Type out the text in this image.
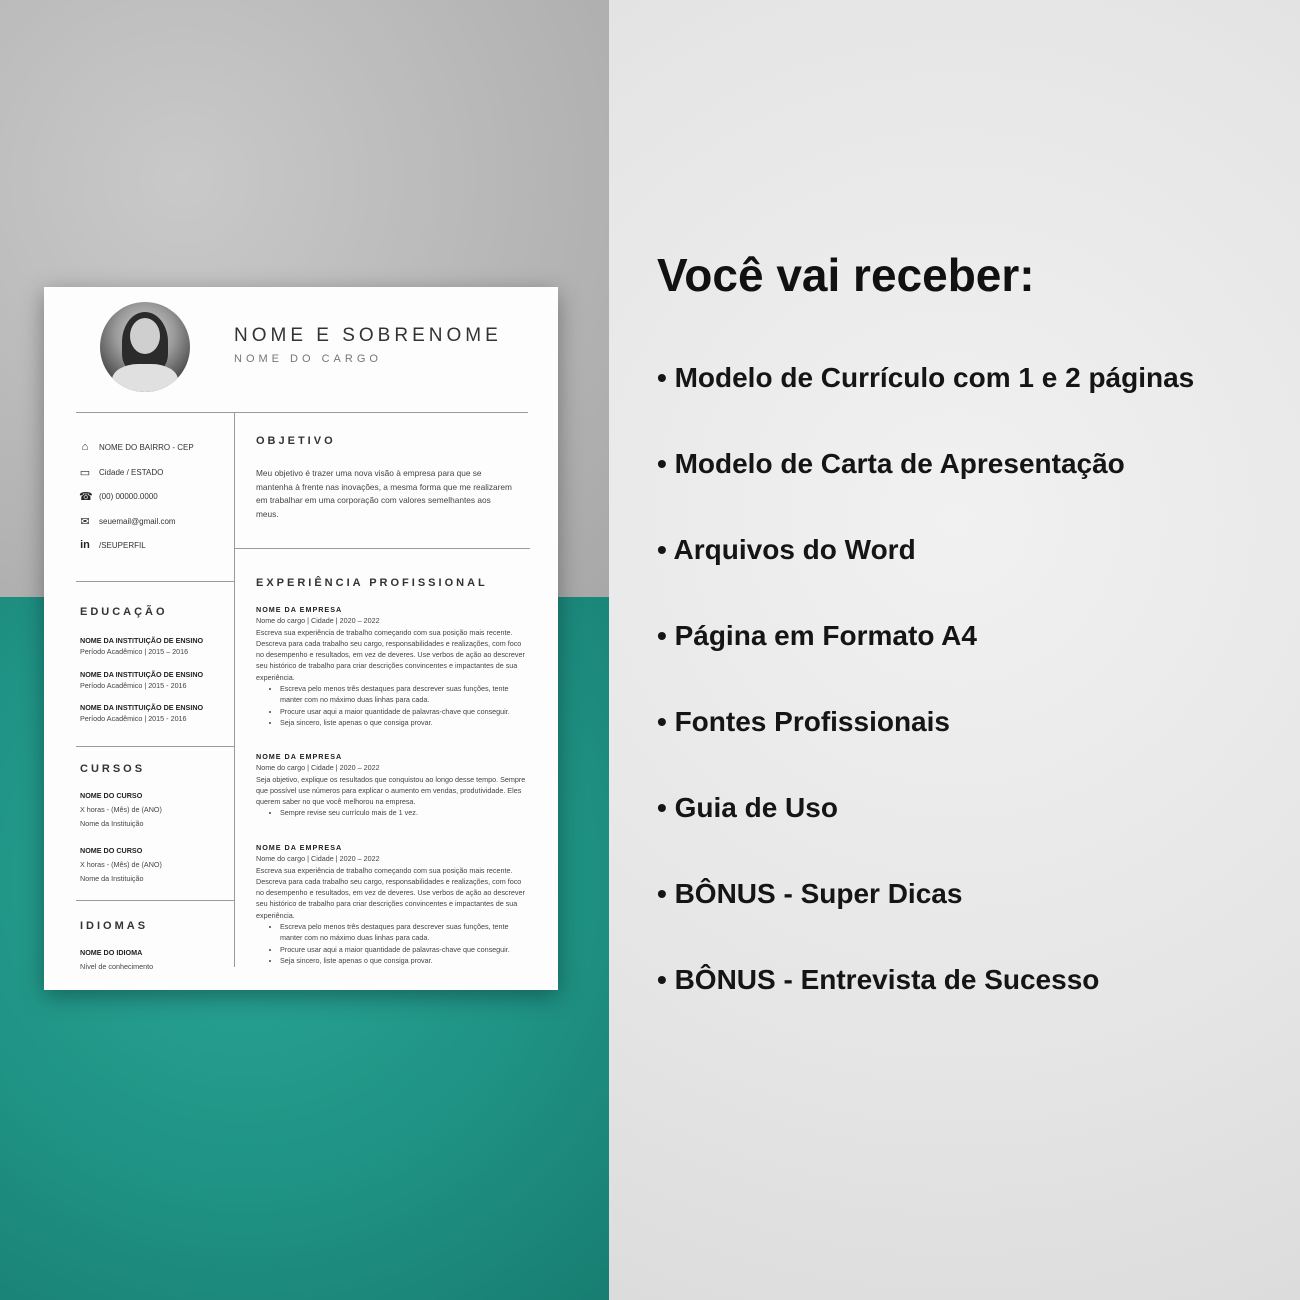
NOME E SOBRENOME
NOME DO CARGO
⌂	NOME DO BAIRRO - CEP
▭ Cidade / ESTADO
☎ (00) 00000.0000
✉ seuemail@gmail.com
in /SEUPERFIL
OBJETIVO
Meu objetivo é trazer uma nova visão à empresa para que se mantenha à frente nas inovações, a mesma forma que me realizarem em trabalhar em uma corporação com valores semelhantes aos meus.
EDUCAÇÃO
NOME DA INSTITUIÇÃO DE ENSINO
Período Acadêmico | 2015 – 2016
NOME DA INSTITUIÇÃO DE ENSINO
Período Acadêmico | 2015 - 2016
NOME DA INSTITUIÇÃO DE ENSINO
Período Acadêmico | 2015 - 2016
CURSOS
NOME DO CURSO
X horas - (Mês) de (ANO)
Nome da Instituição
NOME DO CURSO
X horas - (Mês) de (ANO)
Nome da Instituição
IDIOMAS
NOME DO IDIOMA
Nível de conhecimento
EXPERIÊNCIA PROFISSIONAL
NOME DA EMPRESA
Nome do cargo | Cidade | 2020 – 2022
Escreva sua experiência de trabalho começando com sua posição mais recente. Descreva para cada trabalho seu cargo, responsabilidades e realizações, com foco no desempenho e resultados, em vez de deveres. Use verbos de ação ao descrever seu histórico de trabalho para criar descrições convincentes e impactantes de sua experiência.
• Escreva pelo menos três destaques para descrever suas funções, tente manter com no máximo duas linhas para cada.
• Procure usar aqui a maior quantidade de palavras-chave que conseguir.
• Seja sincero, liste apenas o que consiga provar.
NOME DA EMPRESA
Nome do cargo | Cidade | 2020 – 2022
Seja objetivo, explique os resultados que conquistou ao longo desse tempo. Sempre que possível use números para explicar o aumento em vendas, produtividade. Eles querem saber no que você melhorou na empresa.
• Sempre revise seu currículo mais de 1 vez.
NOME DA EMPRESA
Nome do cargo | Cidade | 2020 – 2022
Escreva sua experiência de trabalho começando com sua posição mais recente. Descreva para cada trabalho seu cargo, responsabilidades e realizações, com foco no desempenho e resultados, em vez de deveres. Use verbos de ação ao descrever seu histórico de trabalho para criar descrições convincentes e impactantes de sua experiência.
• Escreva pelo menos três destaques para descrever suas funções, tente manter com no máximo duas linhas para cada.
• Procure usar aqui a maior quantidade de palavras-chave que conseguir.
• Seja sincero, liste apenas o que consiga provar.
Você vai receber:
• Modelo de Currículo com 1 e 2 páginas
• Modelo de Carta de Apresentação
• Arquivos do Word
• Página em Formato A4
• Fontes Profissionais
• Guia de Uso
• BÔNUS - Super Dicas
• BÔNUS - Entrevista de Sucesso
